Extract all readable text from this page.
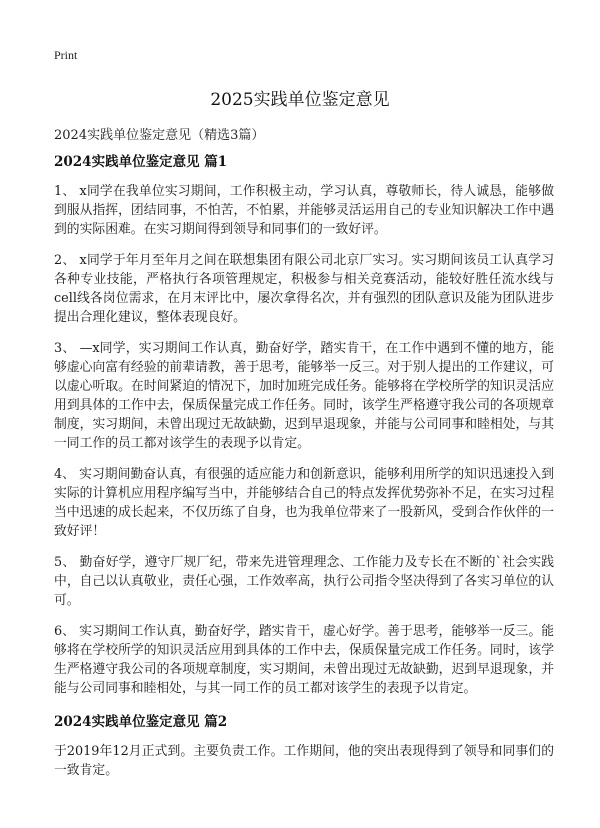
Print
2025实践单位鉴定意见
2024实践单位鉴定意见（精选3篇）
2024实践单位鉴定意见 篇1

1、 x同学在我单位实习期间，工作积极主动，学习认真，尊敬师长，待人诚恳，能够做到服从指挥，团结同事，不怕苦，不怕累，并能够灵活运用自己的专业知识解决工作中遇到的实际困难。在实习期间得到领导和同事们的一致好评。

2、 x同学于年月至年月之间在联想集团有限公司北京厂实习。实习期间该员工认真学习各种专业技能，严格执行各项管理规定，积极参与相关竞赛活动，能较好胜任流水线与cell线各岗位需求，在月末评比中，屡次拿得名次，并有强烈的团队意识及能为团队进步提出合理化建议，整体表现良好。

3、 —x同学，实习期间工作认真，勤奋好学，踏实肯干，在工作中遇到不懂的地方，能够虚心向富有经验的前辈请教，善于思考，能够举一反三。对于别人提出的工作建议，可以虚心听取。在时间紧迫的情况下，加时加班完成任务。能够将在学校所学的知识灵活应用到具体的工作中去，保质保量完成工作任务。同时，该学生严格遵守我公司的各项规章制度，实习期间，未曾出现过无故缺勤，迟到早退现象，并能与公司同事和睦相处，与其一同工作的员工都对该学生的表现予以肯定。

4、 实习期间勤奋认真，有很强的适应能力和创新意识，能够利用所学的知识迅速投入到实际的计算机应用程序编写当中，并能够结合自己的特点发挥优势弥补不足，在实习过程当中迅速的成长起来，不仅历练了自身，也为我单位带来了一股新风，受到合作伙伴的一致好评！

5、 勤奋好学，遵守厂规厂纪，带来先进管理理念、工作能力及专长在不断的`社会实践中，自己以认真敬业，责任心强，工作效率高，执行公司指令坚决得到了各实习单位的认可。

6、 实习期间工作认真，勤奋好学，踏实肯干，虚心好学。善于思考，能够举一反三。能够将在学校所学的知识灵活应用到具体的工作中去，保质保量完成工作任务。同时，该学生严格遵守我公司的各项规章制度，实习期间，未曾出现过无故缺勤，迟到早退现象，并能与公司同事和睦相处，与其一同工作的员工都对该学生的表现予以肯定。

2024实践单位鉴定意见 篇2

于2019年12月正式到。主要负责工作。工作期间，他的突出表现得到了领导和同事们的一致肯定。
